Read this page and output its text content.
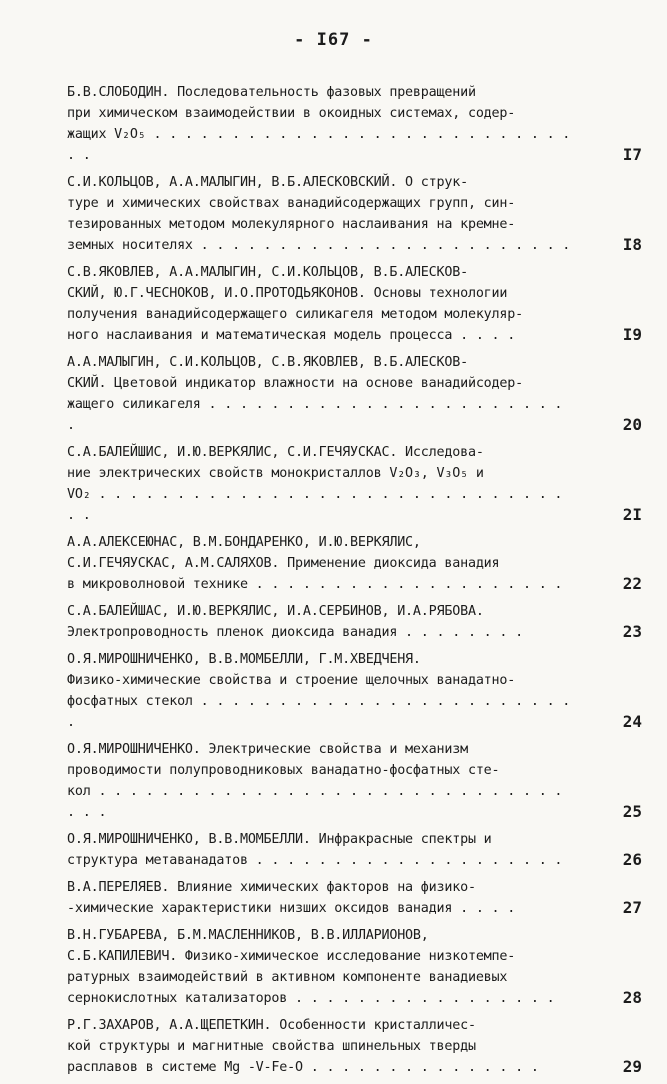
- I67 -
Б.В.СЛОБОДИН. Последовательность фазовых превращений
при химическом взаимодействии в окоидных системах, содер-
жащих V₂O₅ . . . . . . . . . . . . . . . . . . . . . . . . . . . . .	I7
С.И.КОЛЬЦОВ, А.А.МАЛЫГИН, В.Б.АЛЕСКОВСКИЙ. О струк-
туре и химических свойствах ванадийсодержащих групп, син-
тезированных методом молекулярного наслаивания на кремне-
земных носителях . . . . . . . . . . . . . . . . . . . . . . . .	I8
С.В.ЯКОВЛЕВ, А.А.МАЛЫГИН, С.И.КОЛЬЦОВ, В.Б.АЛЕСКОВ-
СКИЙ, Ю.Г.ЧЕСНОКОВ, И.О.ПРОТОДЬЯКОНОВ. Основы технологии
получения ванадийсодержащего силикагеля методом молекуляр-
ного наслаивания и математическая модель процесса . . . .	I9
А.А.МАЛЫГИН, С.И.КОЛЬЦОВ, С.В.ЯКОВЛЕВ, В.Б.АЛЕСКОВ-
СКИЙ. Цветовой индикатор влажности на основе ванадийсодер-
жащего силикагеля . . . . . . . . . . . . . . . . . . . . . . . .	20
С.А.БАЛЕЙШИС, И.Ю.ВЕРКЯЛИС, С.И.ГЕЧЯУСКАС. Исследова-
ние электрических свойств монокристаллов V₂O₃, V₃O₅ и
VO₂ . . . . . . . . . . . . . . . . . . . . . . . . . . . . . . . .	2I
А.А.АЛЕКСЕЮНАС, В.М.БОНДАРЕНКО, И.Ю.ВЕРКЯЛИС,
С.И.ГЕЧЯУСКАС, А.М.САЛЯХОВ. Применение диоксида ванадия
в микроволновой технике . . . . . . . . . . . . . . . . . . . .	22
С.А.БАЛЕЙШАС, И.Ю.ВЕРКЯЛИС, И.А.СЕРБИНОВ, И.А.РЯБОВА.
Электропроводность пленок диоксида ванадия . . . . . . . .	23
О.Я.МИРОШНИЧЕНКО, В.В.МОМБЕЛЛИ, Г.М.ХВЕДЧЕНЯ.
Физико-химические свойства и строение щелочных ванадатно-
фосфатных стекол . . . . . . . . . . . . . . . . . . . . . . . . .	24
О.Я.МИРОШНИЧЕНКО. Электрические свойства и механизм
проводимости полупроводниковых ванадатно-фосфатных сте-
кол . . . . . . . . . . . . . . . . . . . . . . . . . . . . . . . . .	25
О.Я.МИРОШНИЧЕНКО, В.В.МОМБЕЛЛИ. Инфракрасные спектры и
структура метаванадатов . . . . . . . . . . . . . . . . . . . .	26
В.А.ПЕРЕЛЯЕВ. Влияние химических факторов на физико-
-химические характеристики низших оксидов ванадия . . . .	27
В.Н.ГУБАРЕВА, Б.М.МАСЛЕННИКОВ, В.В.ИЛЛАРИОНОВ,
С.Б.КАПИЛЕВИЧ. Физико-химическое исследование низкотемпе-
ратурных взаимодействий в активном компоненте ванадиевых
сернокислотных катализаторов . . . . . . . . . . . . . . . . .	28
Р.Г.ЗАХАРОВ, А.А.ЩЕПЕТКИН. Особенности кристалличес-
кой структуры и магнитные свойства шпинельных тверды
расплавов в системе Mg -V-Fe-O . . . . . . . . . . . . . . .	29
